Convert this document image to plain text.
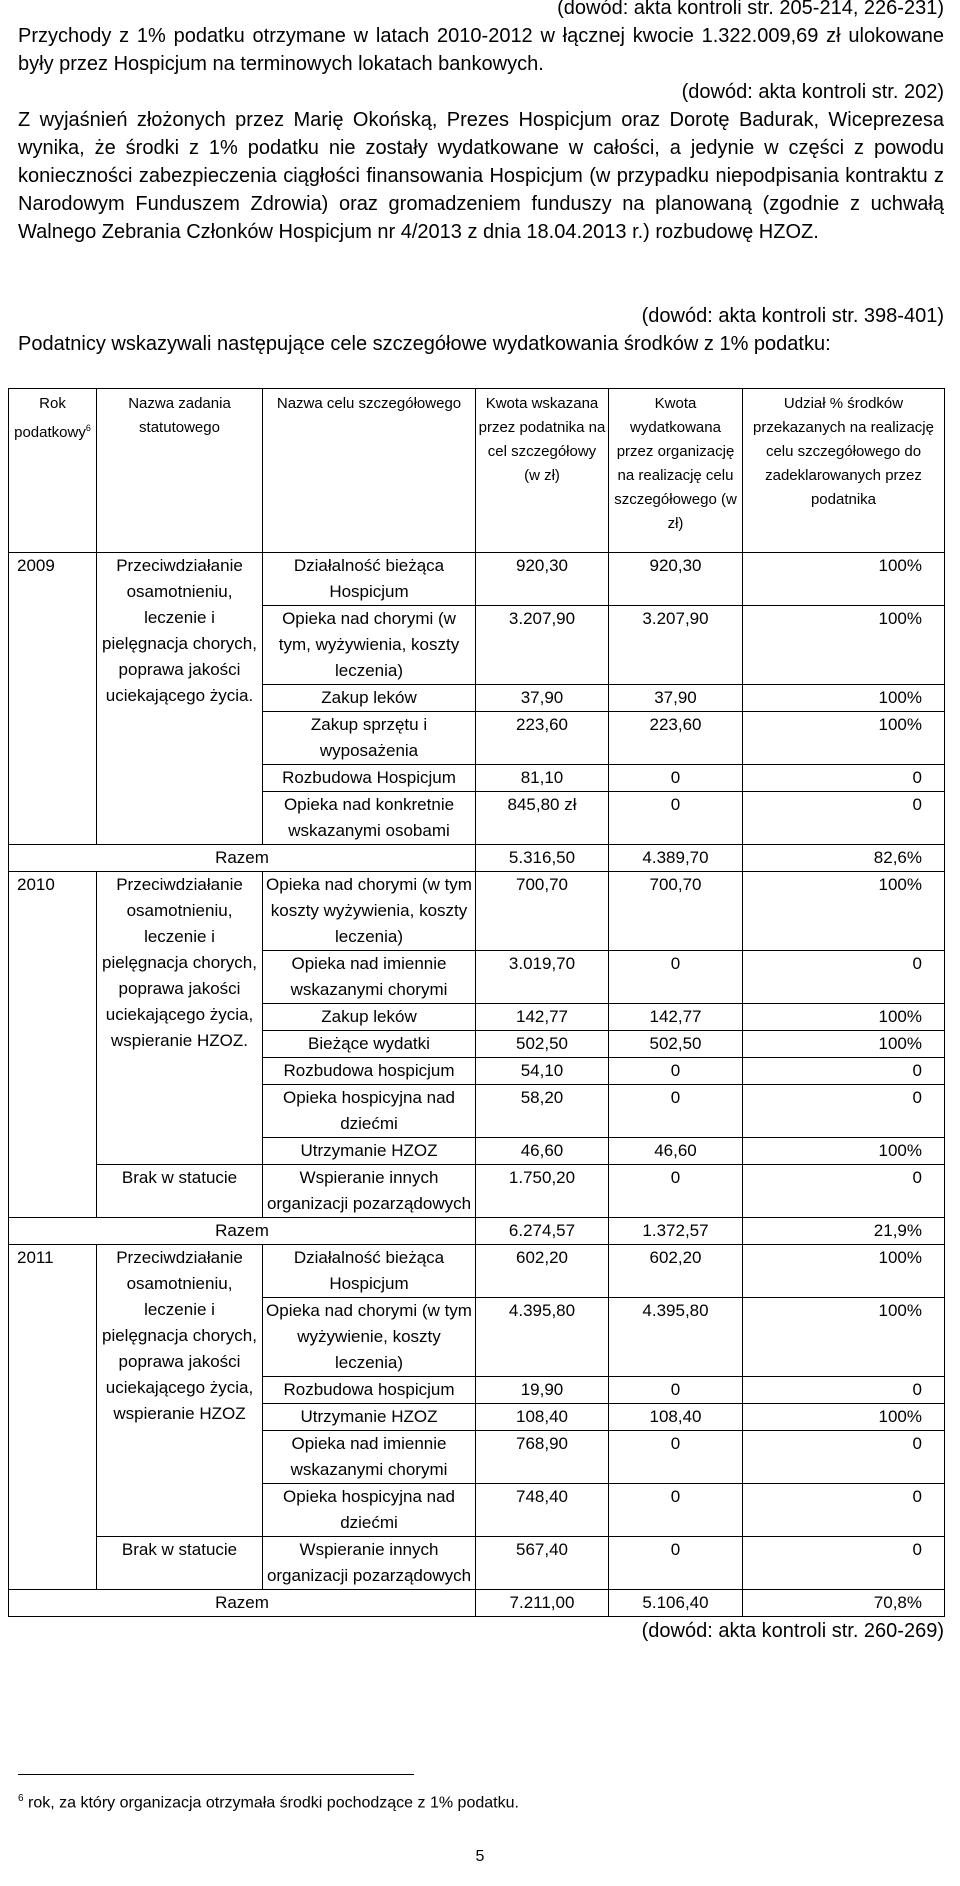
(dowód: akta kontroli str. 205-214, 226-231)

Przychody z 1% podatku otrzymane w latach 2010-2012 w łącznej kwocie 1.322.009,69 zł ulokowane były przez Hospicjum na terminowych lokatach bankowych.

(dowód: akta kontroli str. 202)

Z wyjaśnień złożonych przez Marię Okońską, Prezes Hospicjum oraz Dorotę Badurak, Wiceprezesa wynika, że środki z 1% podatku nie zostały wydatkowane w całości, a jedynie w części z powodu konieczności zabezpieczenia ciągłości finansowania Hospicjum (w przypadku niepodpisania kontraktu z Narodowym Funduszem Zdrowia) oraz gromadzeniem funduszy na planowaną (zgodnie z uchwałą Walnego Zebrania Członków Hospicjum nr 4/2013 z dnia 18.04.2013 r.) rozbudowę HZOZ.

(dowód: akta kontroli str. 398-401)

Podatnicy wskazywali następujące cele szczegółowe wydatkowania środków z 1% podatku:

Rok podatkowy$^6$	Nazwa zadania statutowego	Nazwa celu szczegółowego	Kwota wskazana przez podatnika na cel szczegółowy (w zł)	Kwota wydatkowana przez organizację na realizację celu szczegółowego (w zł)	Udział % środków przekazanych na realizację celu szczegółowego do zadeklarowanych przez podatnika
2009	Przeciwdziałanie osamotnieniu, leczenie i pielęgnacja chorych, poprawa jakości uciekającego życia.	Działalność bieżąca Hospicjum	920,30	920,30	100%
		Opieka nad chorymi (w tym, wyżywienia, koszty leczenia)	3.207,90	3.207,90	100%
		Zakup leków	37,90	37,90	100%
		Zakup sprzętu i wyposażenia	223,60	223,60	100%
		Rozbudowa Hospicjum	81,10	0	0
		Opieka nad konkretnie wskazanymi osobami	845,80 zł	0	0
Razem			5.316,50	4.389,70	82,6%
2010	Przeciwdziałanie osamotnieniu, leczenie i pielęgnacja chorych, poprawa jakości uciekającego życia, wspieranie HZOZ.	Opieka nad chorymi (w tym koszty wyżywienia, koszty leczenia)	700,70	700,70	100%
		Opieka nad imiennie wskazanymi chorymi	3.019,70	0	0
		Zakup leków	142,77	142,77	100%
		Bieżące wydatki	502,50	502,50	100%
		Rozbudowa hospicjum	54,10	0	0
		Opieka hospicyjna nad dziećmi	58,20	0	0
		Utrzymanie HZOZ	46,60	46,60	100%
	Brak w statucie	Wspieranie innych organizacji pozarządowych	1.750,20	0	0
Razem			6.274,57	1.372,57	21,9%
2011	Przeciwdziałanie osamotnieniu, leczenie i pielęgnacja chorych, poprawa jakości uciekającego życia, wspieranie HZOZ	Działalność bieżąca Hospicjum	602,20	602,20	100%
		Opieka nad chorymi (w tym wyżywienie, koszty leczenia)	4.395,80	4.395,80	100%
		Rozbudowa hospicjum	19,90	0	0
		Utrzymanie HZOZ	108,40	108,40	100%
		Opieka nad imiennie wskazanymi chorymi	768,90	0	0
		Opieka hospicyjna nad dziećmi	748,40	0	0
	Brak w statucie	Wspieranie innych organizacji pozarządowych	567,40	0	0
Razem			7.211,00	5.106,40	70,8%

(dowód: akta kontroli str. 260-269)

$^6$ rok, za który organizacja otrzymała środki pochodzące z 1% podatku.

5
